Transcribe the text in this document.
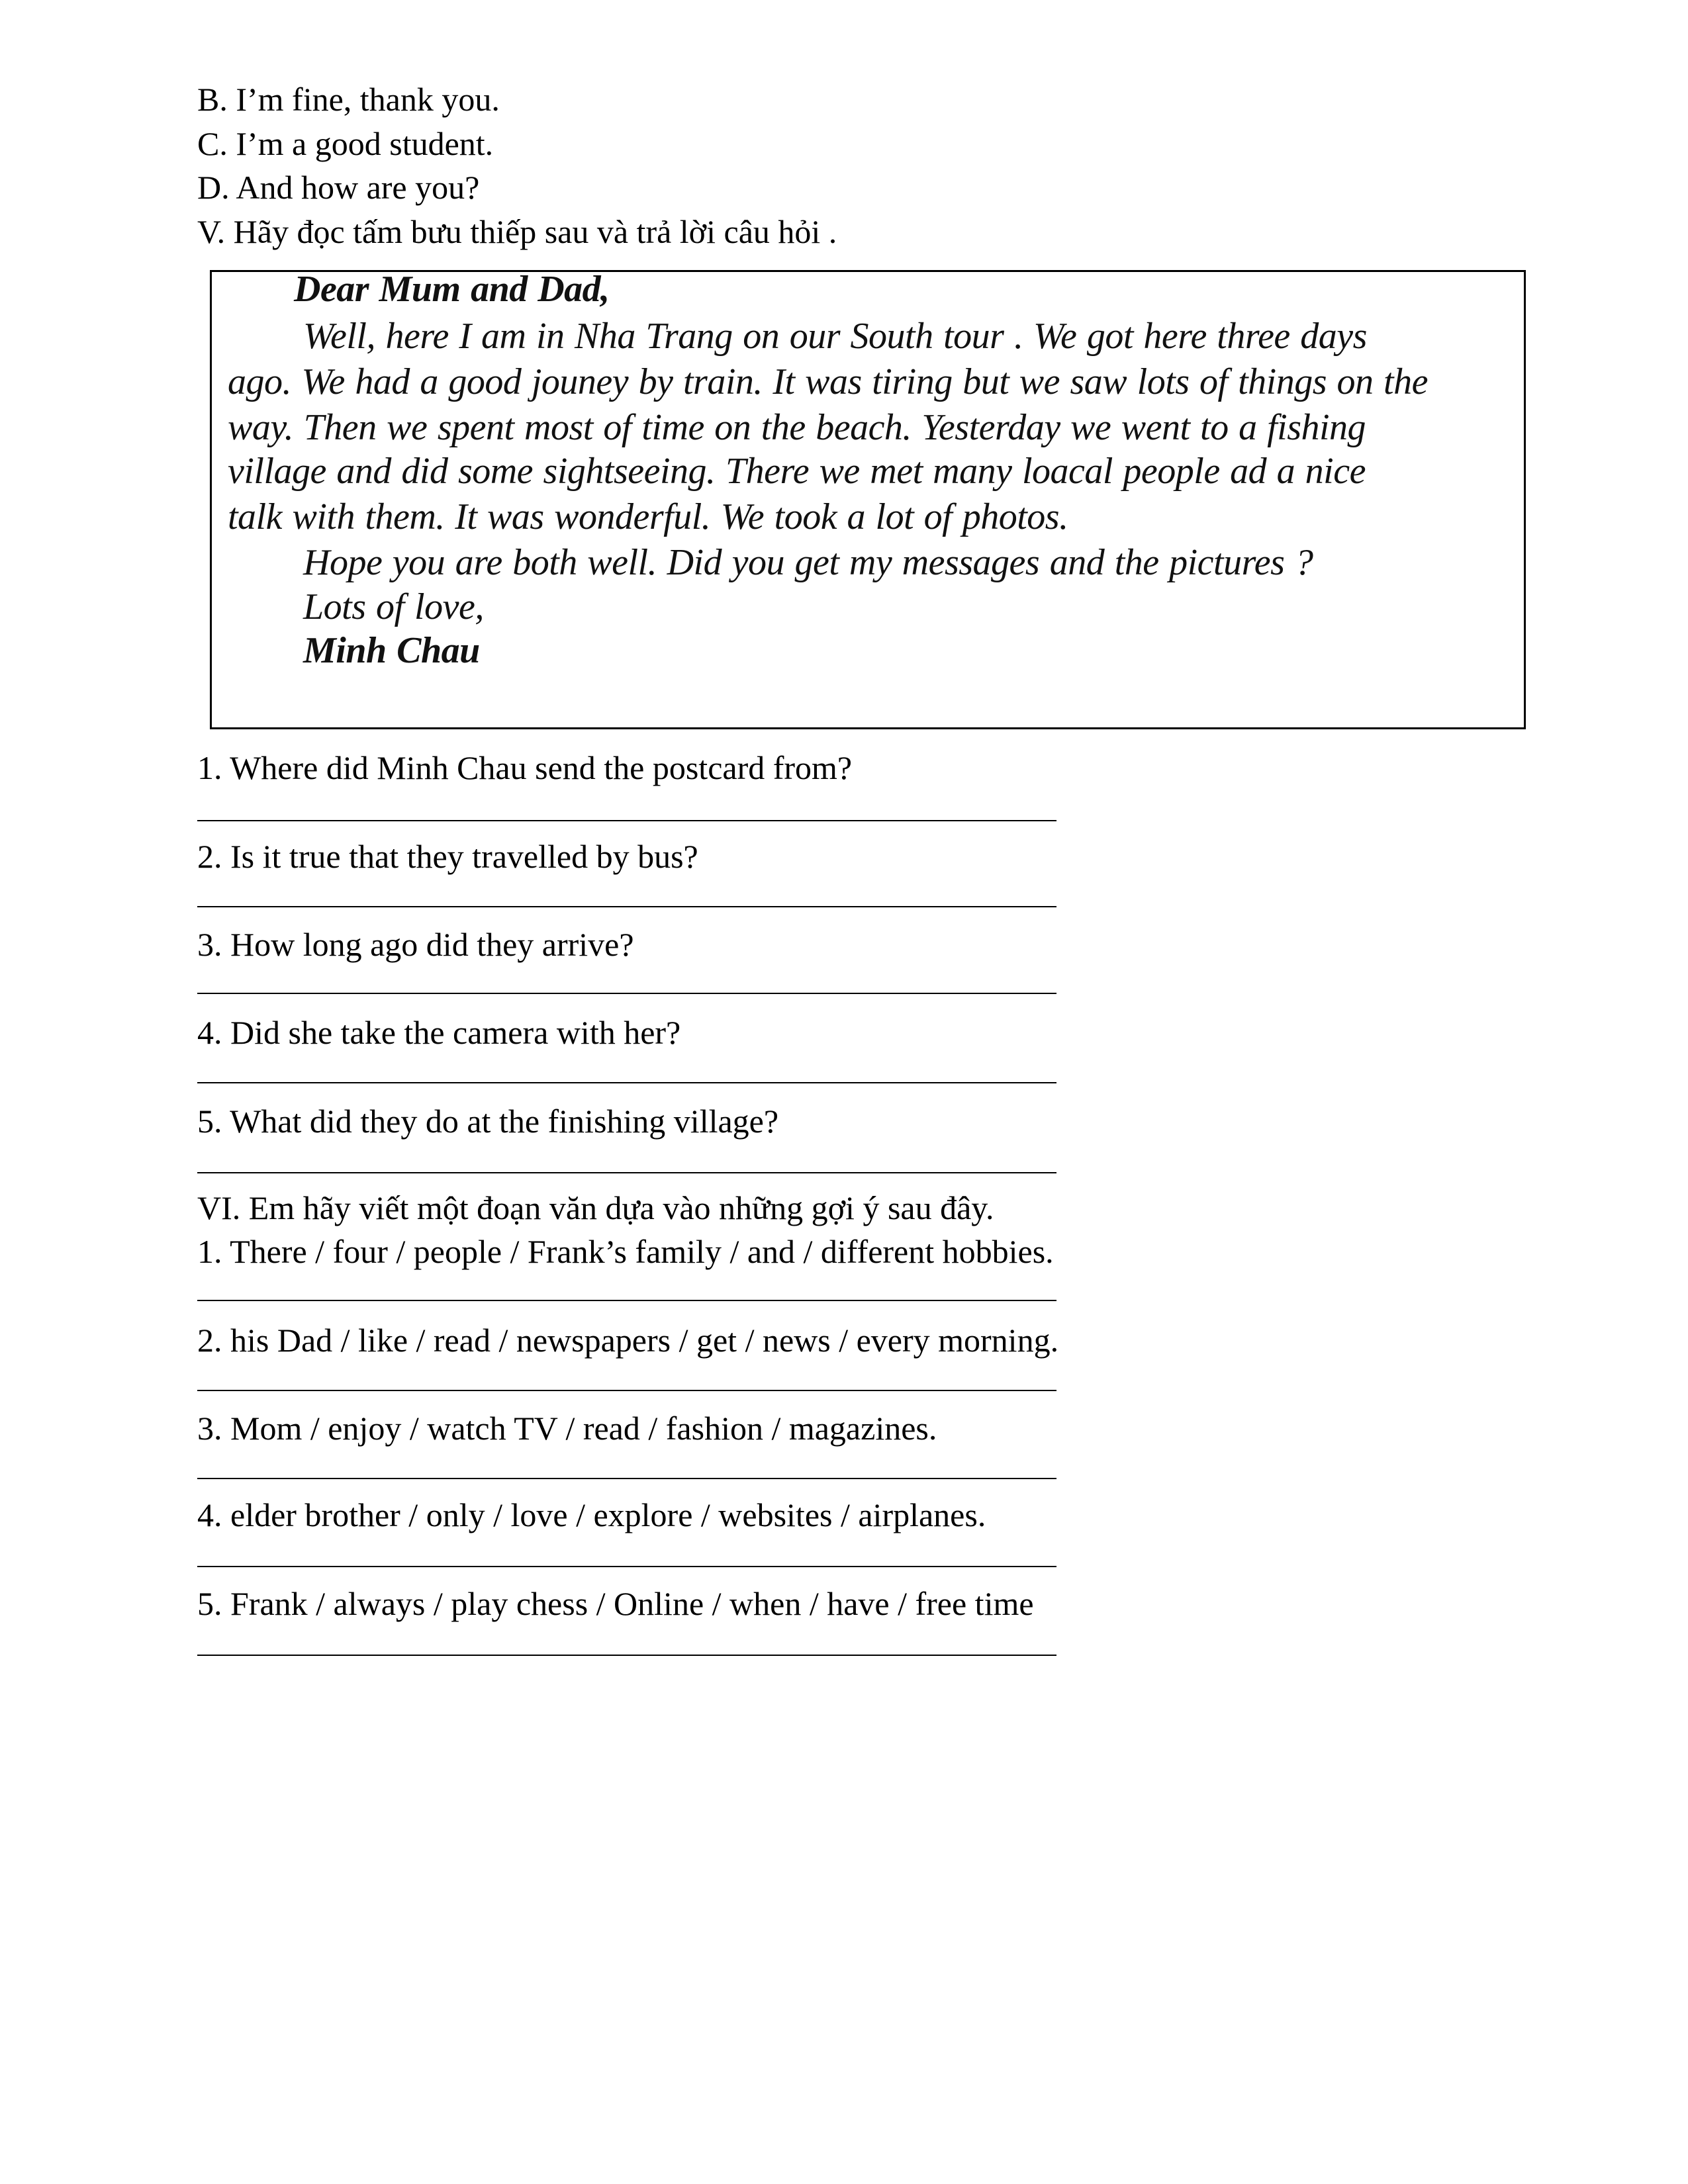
B. I’m fine, thank you.
C. I’m a good student.
D. And how are you?
V. Hãy đọc tấm bưu thiếp sau và trả lời câu hỏi .
Dear Mum and Dad,
Well, here I am in Nha Trang on our South tour . We got here three days
ago. We had a good jouney by train. It was tiring but we saw lots of things on the
way. Then we spent most of time on the beach. Yesterday we went to a fishing
village and did some sightseeing. There we met many loacal people ad a nice
talk with them. It was wonderful. We took a lot of photos.
Hope you are both well. Did you get my messages and the pictures ?
Lots of love,
Minh Chau
1. Where did Minh Chau send the postcard from?
2. Is it true that they travelled by bus?
3. How long ago did they arrive?
4. Did she take the camera with her?
5. What did they do at the finishing village?
VI. Em hãy viết một đoạn văn dựa vào những gợi ý sau đây.
1. There / four / people / Frank’s family / and / different hobbies.
2. his Dad / like / read / newspapers / get / news / every morning.
3. Mom / enjoy / watch TV / read / fashion / magazines.
4. elder brother / only / love / explore / websites / airplanes.
5. Frank / always / play chess / Online / when / have / free time
